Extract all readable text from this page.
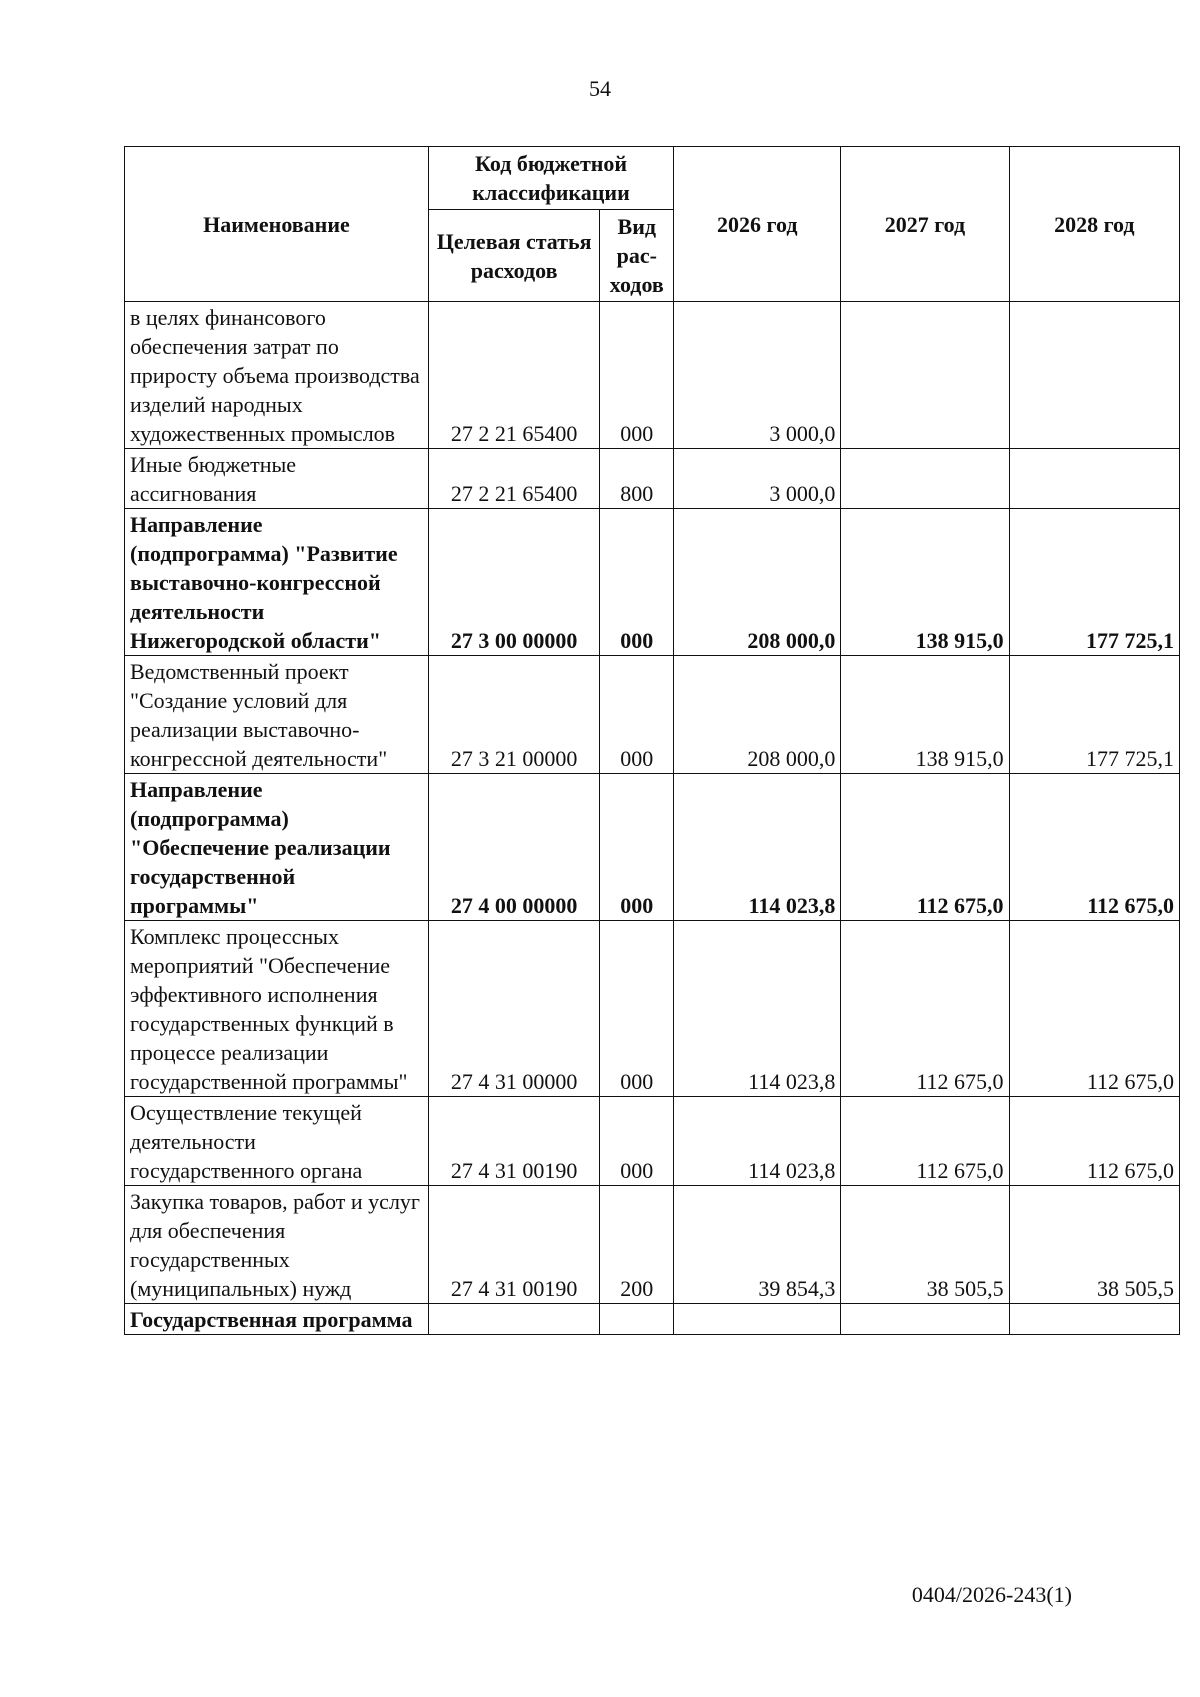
54
Наименование	Код бюджетной классификации		2026 год	2027 год	2028 год
	Целевая статья расходов	Вид рас-ходов			
в целях финансового обеспечения затрат по приросту объема производства изделий народных художественных промыслов	27 2 21 65400	000	3 000,0		
Иные бюджетные ассигнования	27 2 21 65400	800	3 000,0		
Направление (подпрограмма) "Развитие выставочно-конгрессной деятельности Нижегородской области"	27 3 00 00000	000	208 000,0	138 915,0	177 725,1
Ведомственный проект "Создание условий для реализации выставочно-конгрессной деятельности"	27 3 21 00000	000	208 000,0	138 915,0	177 725,1
Направление (подпрограмма) "Обеспечение реализации государственной программы"	27 4 00 00000	000	114 023,8	112 675,0	112 675,0
Комплекс процессных мероприятий "Обеспечение эффективного исполнения государственных функций в процессе реализации государственной программы"	27 4 31 00000	000	114 023,8	112 675,0	112 675,0
Осуществление текущей деятельности государственного органа	27 4 31 00190	000	114 023,8	112 675,0	112 675,0
Закупка товаров, работ и услуг для обеспечения государственных (муниципальных) нужд	27 4 31 00190	200	39 854,3	38 505,5	38 505,5
Государственная программа					
0404/2026-243(1)
